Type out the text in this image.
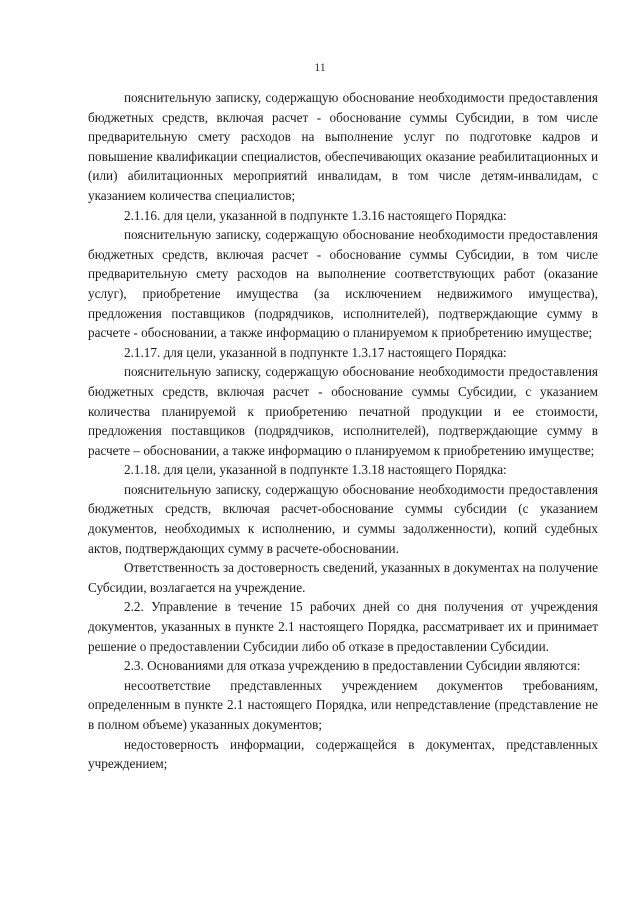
11

пояснительную записку, содержащую обоснование необходимости предоставления бюджетных средств, включая расчет - обоснование суммы Субсидии, в том числе предварительную смету расходов на выполнение услуг по подготовке кадров и повышение квалификации специалистов, обеспечивающих оказание реабилитационных и (или) абилитационных мероприятий инвалидам, в том числе детям-инвалидам, с указанием количества специалистов;

2.1.16. для цели, указанной в подпункте 1.3.16 настоящего Порядка:

пояснительную записку, содержащую обоснование необходимости предоставления бюджетных средств, включая расчет - обоснование суммы Субсидии, в том числе предварительную смету расходов на выполнение соответствующих работ (оказание услуг), приобретение имущества (за исключением недвижимого имущества), предложения поставщиков (подрядчиков, исполнителей), подтверждающие сумму в расчете - обосновании, а также информацию о планируемом к приобретению имуществе;

2.1.17. для цели, указанной в подпункте 1.3.17 настоящего Порядка:

пояснительную записку, содержащую обоснование необходимости предоставления бюджетных средств, включая расчет - обоснование суммы Субсидии, с указанием количества планируемой к приобретению печатной продукции и ее стоимости, предложения поставщиков (подрядчиков, исполнителей), подтверждающие сумму в расчете – обосновании, а также информацию о планируемом к приобретению имуществе;

2.1.18. для цели, указанной в подпункте 1.3.18 настоящего Порядка:

пояснительную записку, содержащую обоснование необходимости предоставления бюджетных средств, включая расчет-обоснование суммы субсидии (с указанием документов, необходимых к исполнению, и суммы задолженности), копий судебных актов, подтверждающих сумму в расчете-обосновании.

Ответственность за достоверность сведений, указанных в документах на получение Субсидии, возлагается на учреждение.

2.2. Управление в течение 15 рабочих дней со дня получения от учреждения документов, указанных в пункте 2.1 настоящего Порядка, рассматривает их и принимает решение о предоставлении Субсидии либо об отказе в предоставлении Субсидии.

2.3. Основаниями для отказа учреждению в предоставлении Субсидии являются:

несоответствие представленных учреждением документов требованиям, определенным в пункте 2.1 настоящего Порядка, или непредставление (представление не в полном объеме) указанных документов;

недостоверность информации, содержащейся в документах, представленных учреждением;
